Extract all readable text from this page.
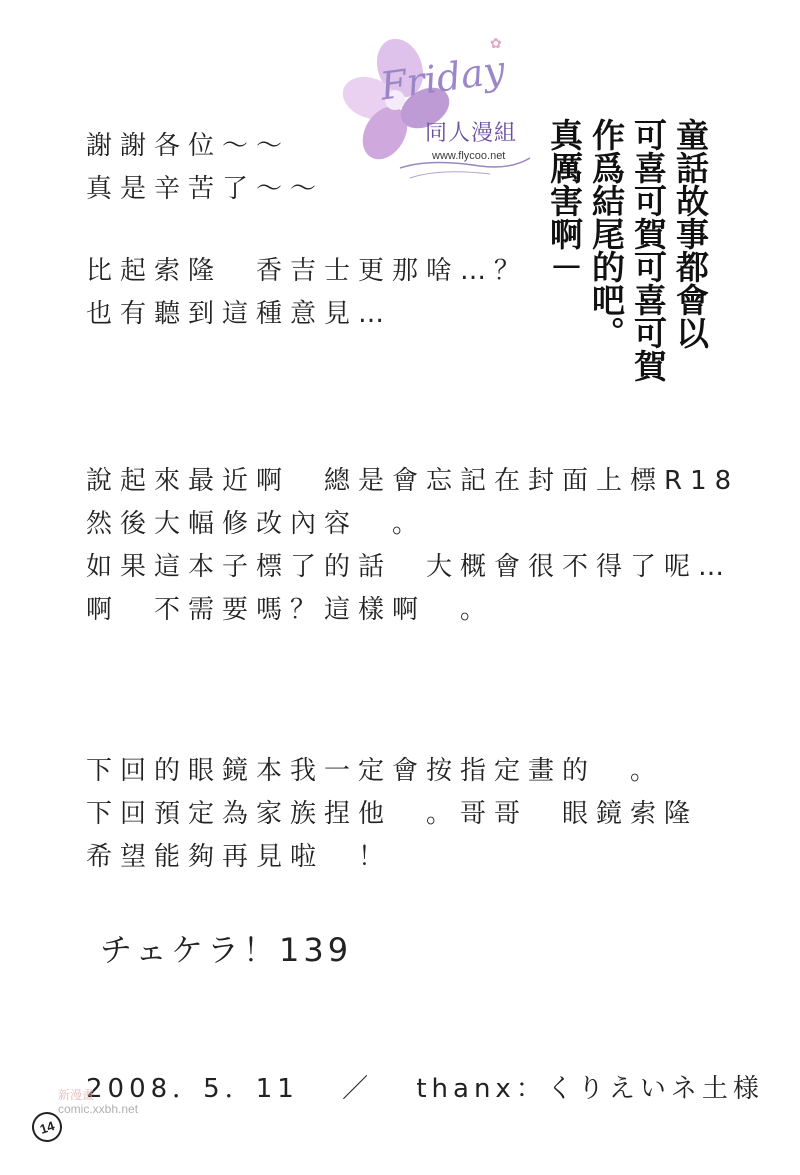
✿
Friday
同人漫組
www.flycoo.net
謝謝各位～～
真是辛苦了～～
比起索隆　香吉士更那啥…？
也有聽到這種意見…
說起來最近啊　總是會忘記在封面上標R18
然後大幅修改內容　。
如果這本子標了的話　大概會很不得了呢…
啊　不需要嗎？這樣啊　。
下回的眼鏡本我一定會按指定畫的　。
下回預定為家族捏他　。哥哥　眼鏡索隆
希望能夠再見啦　！
童話故事都會以
可喜可賀可喜可賀
作爲結尾的吧。
真厲害啊－
チェケラ！139
2008．5．11 ／ thanx：くりえいネ土様
新漫畫
comic.xxbh.net
14
